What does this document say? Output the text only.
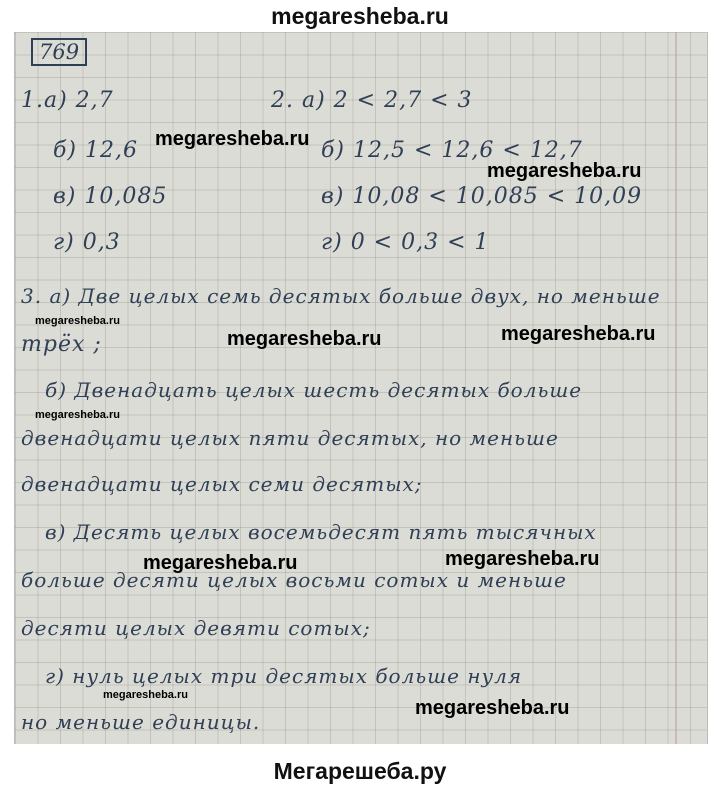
megaresheba.ru
769
1.а) 2,7
б) 12,6
в) 10,085
г) 0,3
2. а) 2 < 2,7 < 3
б) 12,5 < 12,6 < 12,7
в) 10,08 < 10,085 < 10,09
г) 0 < 0,3 < 1
3. а) Две целых семь десятых больше двух, но меньше
трёх ;
б) Двенадцать целых шесть десятых больше
двенадцати целых пяти десятых, но меньше
двенадцати целых семи десятых;
в) Десять целых восемьдесят пять тысячных
больше десяти целых восьми сотых и меньше
десяти целых девяти сотых;
г) нуль целых три десятых больше нуля
но меньше единицы.
megaresheba.ru
megaresheba.ru
megaresheba.ru
megaresheba.ru	megaresheba.ru
megaresheba.ru
megaresheba.ru	megaresheba.ru
megaresheba.ru
megaresheba.ru
Мегарешеба.ру
